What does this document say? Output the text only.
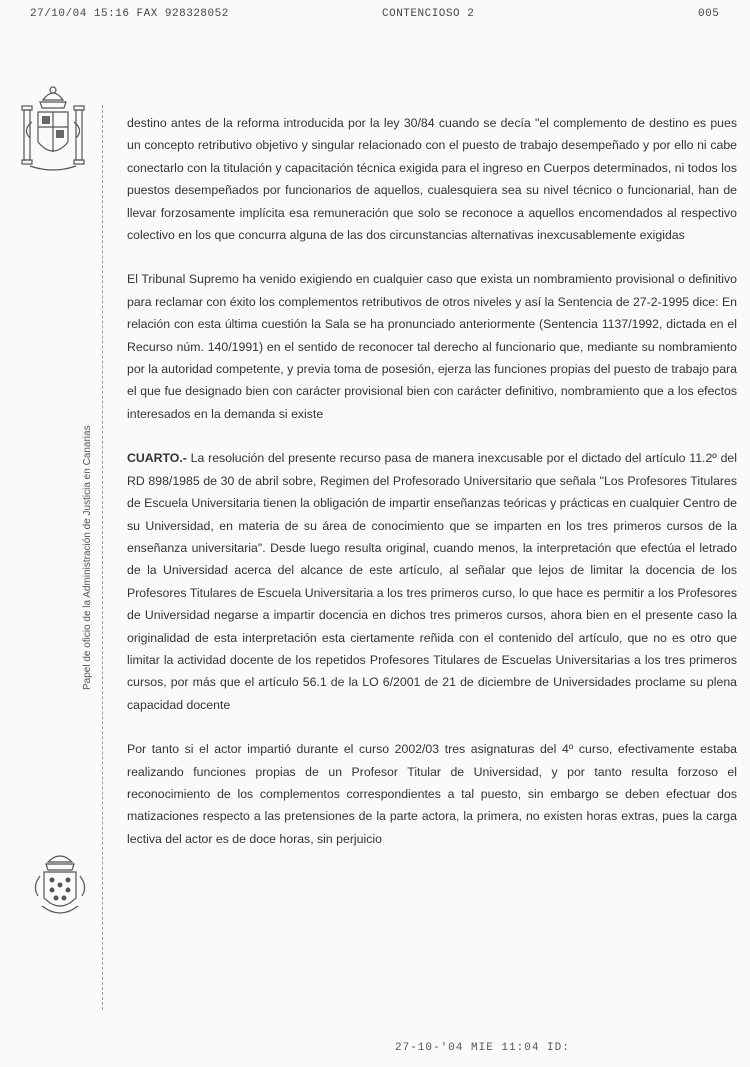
27/10/04 15:16 FAX 928328052	CONTENCIOSO 2	005
Papel de oficio de la Administración de Justicia en Canarias

destino antes de la reforma introducida por la ley 30/84 cuando se decía "el complemento de destino es pues un concepto retributivo objetivo y singular relacionado con el puesto de trabajo desempeñado y por ello ni cabe conectarlo con la titulación y capacitación técnica exigida para el ingreso en Cuerpos determinados, ni todos los puestos desempeñados por funcionarios de aquellos, cualesquiera sea su nivel técnico o funcionarial, han de llevar forzosamente implícita esa remuneración que solo se reconoce a aquellos encomendados al respectivo colectivo en los que concurra alguna de las dos circunstancias alternativas inexcusablemente exigidas

El Tribunal Supremo ha venido exigiendo en cualquier caso que exista un nombramiento provisional o definitivo para reclamar con éxito los complementos retributivos de otros niveles y así la Sentencia de 27-2-1995 dice: En relación con esta última cuestión la Sala se ha pronunciado anteriormente (Sentencia 1137/1992, dictada en el Recurso núm. 140/1991) en el sentido de reconocer tal derecho al funcionario que, mediante su nombramiento por la autoridad competente, y previa toma de posesión, ejerza las funciones propias del puesto de trabajo para el que fue designado bien con carácter provisional bien con carácter definitivo, nombramiento que a los efectos interesados en la demanda si existe

CUARTO.- La resolución del presente recurso pasa de manera inexcusable por el dictado del artículo 11.2º del RD 898/1985 de 30 de abril sobre, Regimen del Profesorado Universitario que señala "Los Profesores Titulares de Escuela Universitaria tienen la obligación de impartir enseñanzas teóricas y prácticas en cualquier Centro de su Universidad, en materia de su área de conocimiento que se imparten en los tres primeros cursos de la enseñanza universitaria". Desde luego resulta original, cuando menos, la interpretación que efectúa el letrado de la Universidad acerca del alcance de este artículo, al señalar que lejos de limitar la docencia de los Profesores Titulares de Escuela Universitaria a los tres primeros curso, lo que hace es permitir a los Profesores de Universidad negarse a impartir docencia en dichos tres primeros cursos, ahora bien en el presente caso la originalidad de esta interpretación esta ciertamente reñida con el contenido del artículo, que no es otro que limitar la actividad docente de los repetidos Profesores Titulares de Escuelas Universitarias a los tres primeros cursos, por más que el artículo 56.1 de la LO 6/2001 de 21 de diciembre de Universidades proclame su plena capacidad docente

Por tanto si el actor impartió durante el curso 2002/03 tres asignaturas del 4º curso, efectivamente estaba realizando funciones propias de un Profesor Titular de Universidad, y por tanto resulta forzoso el reconocimiento de los complementos correspondientes a tal puesto, sin embargo se deben efectuar dos matizaciones respecto a las pretensiones de la parte actora, la primera, no existen horas extras, pues la carga lectiva del actor es de doce horas, sin perjuicio

27-10-'04 MIE 11:04 ID:
